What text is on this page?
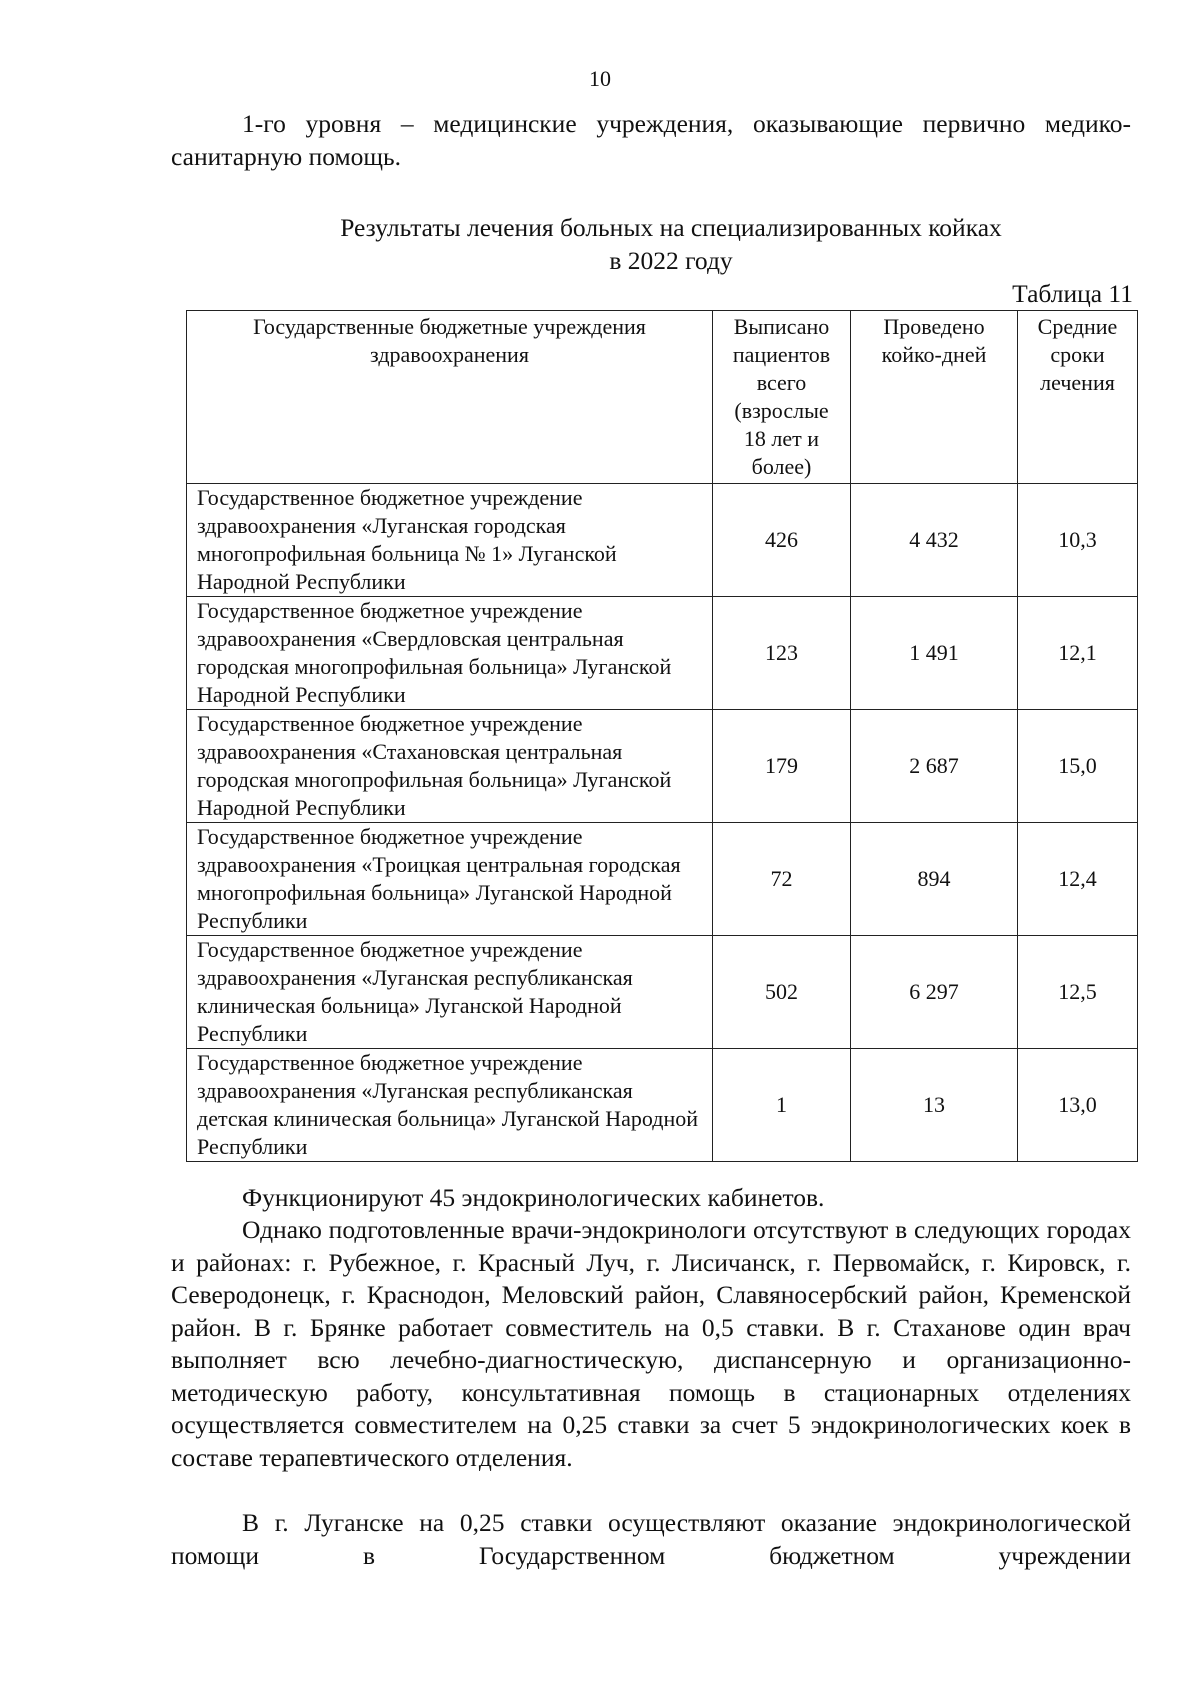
10

1-го уровня – медицинские учреждения, оказывающие первично медико-санитарную помощь.

Результаты лечения больных на специализированных койках
в 2022 году
Таблица 11
Государственные бюджетные учреждения здравоохранения	Выписано пациентов всего (взрослые 18 лет и более)	Проведено койко-дней	Средние сроки лечения
Государственное бюджетное учреждение здравоохранения «Луганская городская многопрофильная больница № 1» Луганской Народной Республики	426	4 432	10,3
Государственное бюджетное учреждение здравоохранения «Свердловская центральная городская многопрофильная больница» Луганской Народной Республики	123	1 491	12,1
Государственное бюджетное учреждение здравоохранения «Стахановская центральная городская многопрофильная больница» Луганской Народной Республики	179	2 687	15,0
Государственное бюджетное учреждение здравоохранения «Троицкая центральная городская многопрофильная больница» Луганской Народной Республики	72	894	12,4
Государственное бюджетное учреждение здравоохранения «Луганская республиканская клиническая больница» Луганской Народной Республики	502	6 297	12,5
Государственное бюджетное учреждение здравоохранения «Луганская республиканская детская клиническая больница» Луганской Народной Республики	1	13	13,0

Функционируют 45 эндокринологических кабинетов.

Однако подготовленные врачи-эндокринологи отсутствуют в следующих городах и районах: г. Рубежное, г. Красный Луч, г. Лисичанск, г. Первомайск, г. Кировск, г. Северодонецк, г. Краснодон, Меловский район, Славяносербский район, Кременской район. В г. Брянке работает совместитель на 0,5 ставки. В г. Стаханове один врач выполняет всю лечебно-диагностическую, диспансерную и организационно-методическую работу, консультативная помощь в стационарных отделениях осуществляется совместителем на 0,25 ставки за счет 5 эндокринологических коек в составе терапевтического отделения.

В г. Луганске на 0,25 ставки осуществляют оказание эндокринологической помощи в Государственном бюджетном учреждении
